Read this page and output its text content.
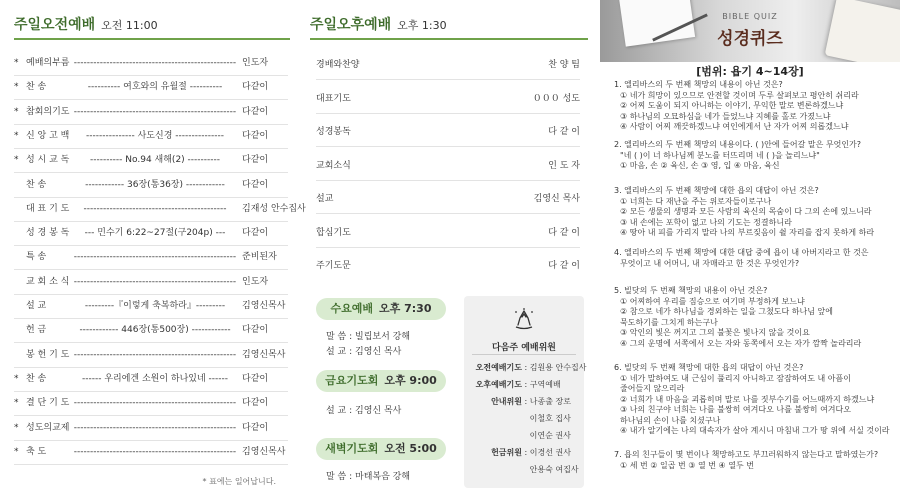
주일오전예배 오전 11:00
* 예배의부름 -------------------------------------------------- 인도자
* 찬 송	---------- 여호와의 유월절 ----------	다같이
* 참회의기도 -------------------------------------------------- 다같이
* 신 앙 고 백	--------------- 사도신경 ---------------	다같이
* 성 시 교 독	---------- No.94 새해(2) ----------	다같이
찬 송	------------ 36장(통36장) ------------	다같이
대 표 기 도	--------------------------------------------	김재성 안수집사
성 경 봉 독	--- 민수기 6:22~27절(구204p) ---	다같이
특 송	-------------------------------------------------- 준비된자
교 회 소 식 -------------------------------------------------- 인도자
설 교	---------『이렇게 축복하라』---------	김영신목사
헌 금	------------ 446장(통500장) ------------	다같이
봉 헌 기 도 -------------------------------------------------- 김영신목사
* 찬 송	------ 우리에겐 소원이 하나있네 ------	다같이
* 결 단 기 도 -------------------------------------------------- 다같이
* 성도의교제 -------------------------------------------------- 다같이
* 축 도	-------------------------------------------------- 김영신목사
* 표에는 일어납니다.
주일오후예배 오후 1:30
경배와찬양	찬 양 팀
대표기도	０００ 성도
성경봉독	다 같 이
교회소식	인 도 자
설교	김영신 목사
합심기도	다 같 이
주기도문	다 같 이
수요예배 오후 7:30
말 씀 : 빌립보서 강해
설 교 : 김영신 목사
금요기도회 오후 9:00
설 교 : 김영신 목사
새벽기도회 오전 5:00
말 씀 : 마태복음 강해
다음주 예배위원
오전예배기도 : 김원용 안수집사
오후예배기도 : 구역예배
안내위원 : 나종출 장로
이철호 집사
이연순 권사
헌금위원 : 이경선 권사
안용숙 여집사
BIBLE QUIZ
성경퀴즈
[범위: 욥기 4~14장]
1. 엘리바스의 두 번째 책망의 내용이 아닌 것은?
① 네가 희망이 있으므로 안전할 것이며 두루 살펴보고 평안히 쉬리라
② 어찌 도움이 되지 아니하는 이야기, 무익한 말로 변론하겠느냐
③ 하나님의 오묘하심을 네가 들었느냐 지혜를 홀로 가졌느냐
④ 사람이 어찌 깨끗하겠느냐 여인에게서 난 자가 어찌 의롭겠느냐
2. 엘리바스의 두 번째 책망의 내용이다. ( )안에 들어갈 말은 무엇인가?
"네 ( )이 너 하나님께 분노를 터뜨리며 네 ( )을 놀리느냐"
① 마음, 손 ② 육신, 손 ③ 영, 입 ④ 마음, 육신
3. 엘리바스의 두 번째 책망에 대한 욥의 대답이 아닌 것은?
① 너희는 다 재난을 주는 위로자들이로구나
② 모든 생물의 생명과 모든 사람의 육신의 목숨이 다 그의 손에 있느니라
③ 내 손에는 포학이 없고 나의 기도는 정결하니라
④ 땅아 내 피를 가리지 말라 나의 부르짖음이 쉴 자리를 잡지 못하게 하라
4. 엘리바스의 두 번째 책망에 대한 대답 중에 욥이 내 아버지라고 한 것은
무엇이고 내 어머니, 내 자매라고 한 것은 무엇인가?
5. 빌닷의 두 번째 책망의 내용이 아닌 것은?
① 어찌하여 우리를 짐승으로 여기며 부정하게 보느냐
② 참으로 네가 하나님을 경외하는 일을 그쳤도다 하나님 앞에
묵도하기를 그치게 하는구나
③ 악인의 빛은 꺼지고 그의 불꽃은 빛나지 않을 것이요
④ 그의 운명에 서쪽에서 오는 자와 동쪽에서 오는 자가 깜짝 놀라리라
6. 빌닷의 두 번째 책망에 대한 욥의 대답이 아닌 것은?
① 네가 말하여도 내 근심이 풀리지 아니하고 잠잠하여도 내 아픔이
줄어들지 않으리라
② 너희가 내 마음을 괴롭히며 말로 나를 짓부수기를 어느때까지 하겠느냐
③ 나의 친구야 너희는 나를 불쌍히 여겨다오 나를 불쌍히 여겨다오
하나님의 손이 나를 치셨구나
④ 내가 알기에는 나의 대속자가 살아 계시니 마침내 그가 땅 위에 서실 것이라
7. 욥의 친구들이 몇 번이나 책망하고도 부끄러워하지 않는다고 말하였는가?
① 세 번 ② 일곱 번 ③ 열 번 ④ 열두 번
